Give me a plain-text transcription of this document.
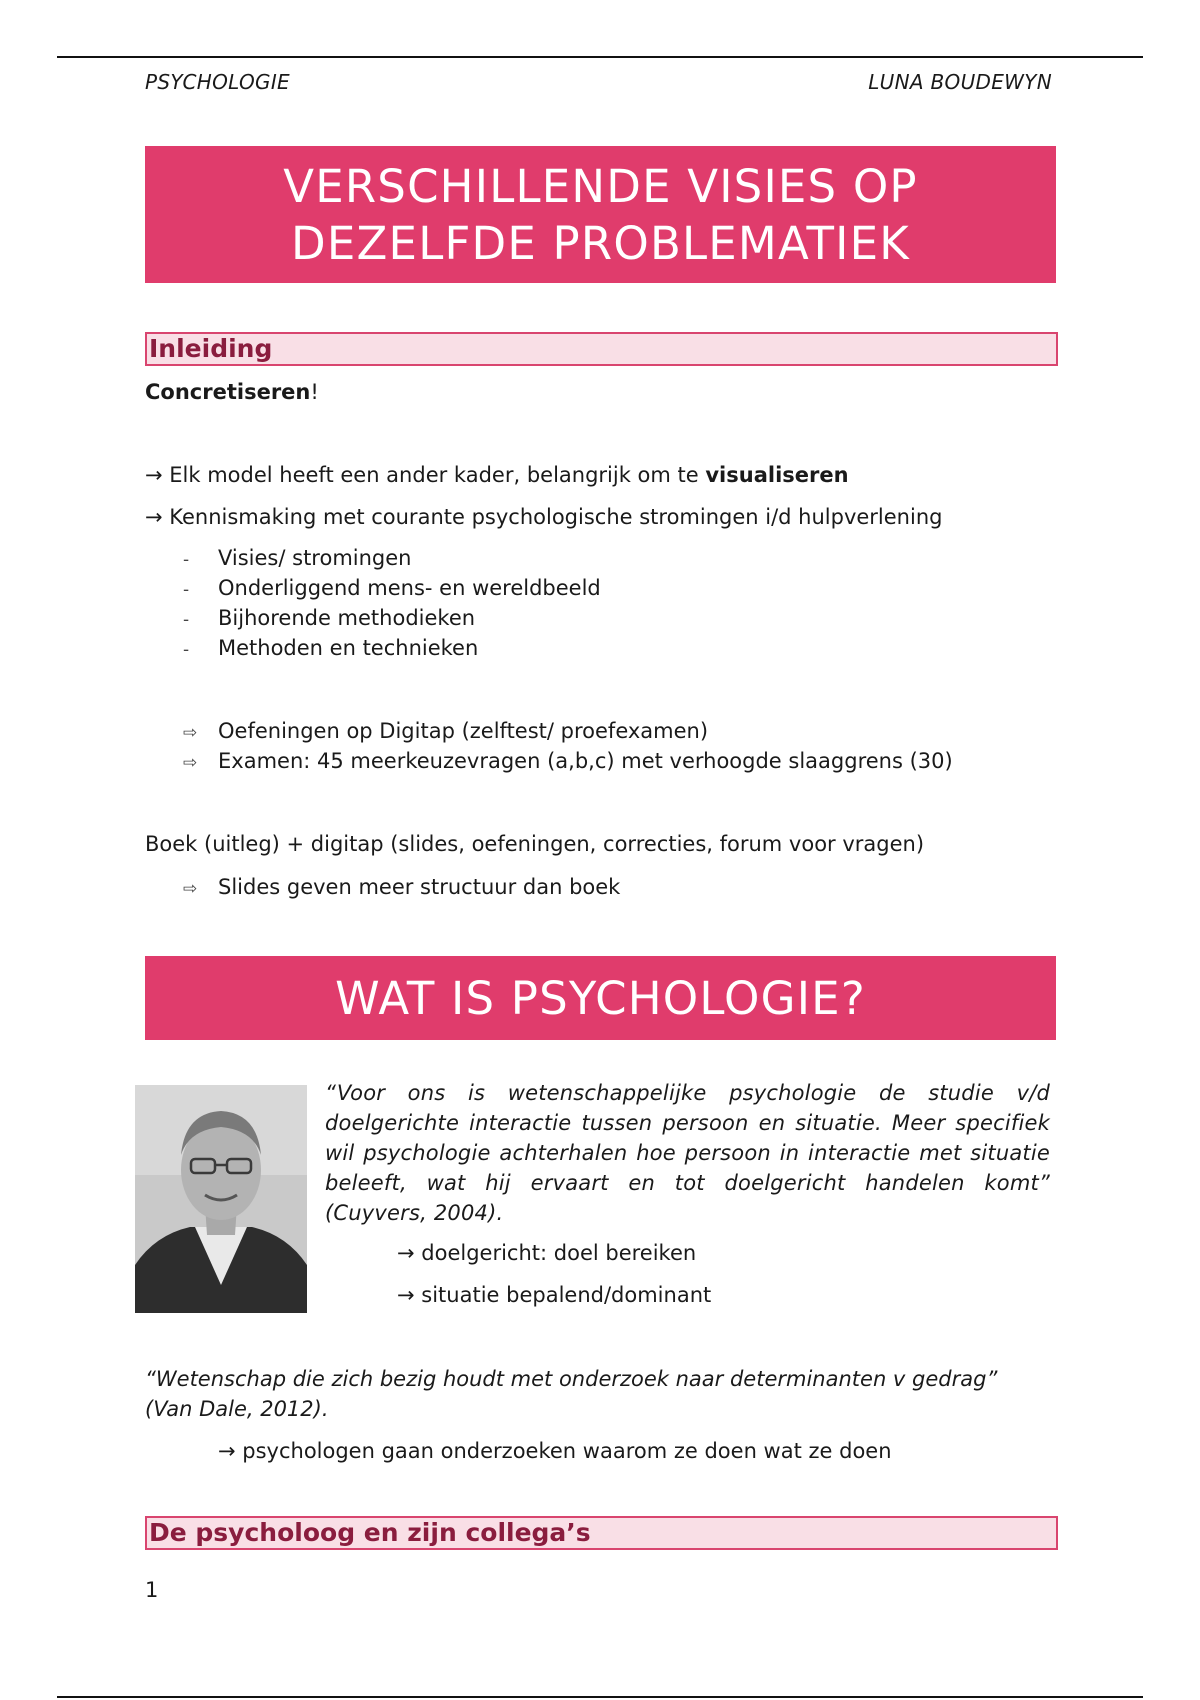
PSYCHOLOGIE	LUNA BOUDEWYN
VERSCHILLENDE VISIES OP DEZELFDE PROBLEMATIEK
Inleiding
Concretiseren!
→ Elk model heeft een ander kader, belangrijk om te visualiseren
→ Kennismaking met courante psychologische stromingen i/d hulpverlening
- Visies/ stromingen
- Onderliggend mens- en wereldbeeld
- Bijhorende methodieken
- Methoden en technieken
⇨ Oefeningen op Digitap (zelftest/ proefexamen)
⇨ Examen: 45 meerkeuzevragen (a,b,c) met verhoogde slaaggrens (30)
Boek (uitleg) + digitap (slides, oefeningen, correcties, forum voor vragen)
⇨ Slides geven meer structuur dan boek
WAT IS PSYCHOLOGIE?
“Voor ons is wetenschappelijke psychologie de studie v/d doelgerichte interactie tussen persoon en situatie. Meer specifiek wil psychologie achterhalen hoe persoon in interactie met situatie beleeft, wat hij ervaart en tot doelgericht handelen komt” (Cuyvers, 2004).
→ doelgericht: doel bereiken
→ situatie bepalend/dominant
“Wetenschap die zich bezig houdt met onderzoek naar determinanten v gedrag” (Van Dale, 2012).
→ psychologen gaan onderzoeken waarom ze doen wat ze doen
De psycholoog en zijn collega’s
1
